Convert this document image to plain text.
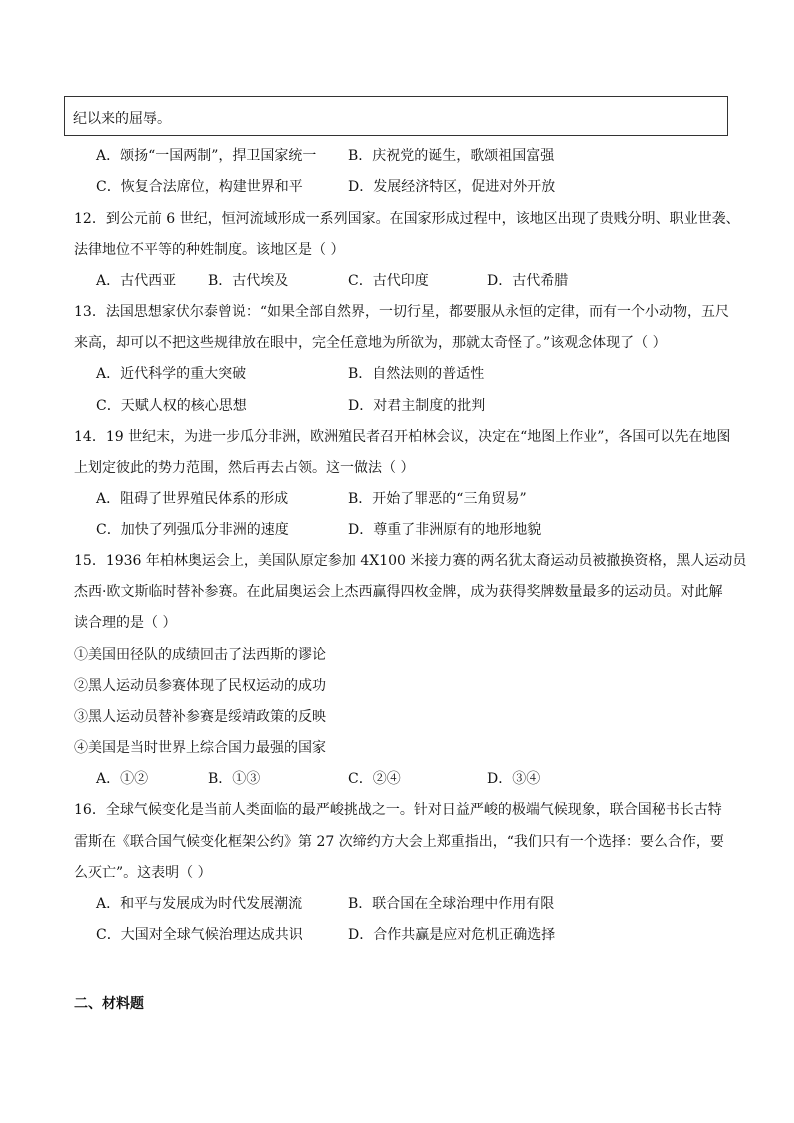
纪以来的屈辱。
A．颂扬“一国两制”，捍卫国家统一 B．庆祝党的诞生，歌颂祖国富强
C．恢复合法席位，构建世界和平	D．发展经济特区，促进对外开放
12．到公元前 6 世纪，恒河流域形成一系列国家。在国家形成过程中，该地区出现了贵贱分明、职业世袭、
法律地位不平等的种姓制度。该地区是（ ）
A．古代西亚 B．古代埃及	C．古代印度	D．古代希腊
13．法国思想家伏尔泰曾说：“如果全部自然界，一切行星，都要服从永恒的定律，而有一个小动物，五尺
来高，却可以不把这些规律放在眼中，完全任意地为所欲为，那就太奇怪了。”该观念体现了（ ）
A．近代科学的重大突破	B．自然法则的普适性
C．天赋人权的核心思想	D．对君主制度的批判
14．19 世纪末，为进一步瓜分非洲，欧洲殖民者召开柏林会议，决定在“地图上作业”，各国可以先在地图
上划定彼此的势力范围，然后再去占领。这一做法（ ）
A．阻碍了世界殖民体系的形成	B．开始了罪恶的“三角贸易”
C．加快了列强瓜分非洲的速度	D．尊重了非洲原有的地形地貌
15．1936 年柏林奥运会上，美国队原定参加 4X100 米接力赛的两名犹太裔运动员被撤换资格，黑人运动员
杰西·欧文斯临时替补参赛。在此届奥运会上杰西赢得四枚金牌，成为获得奖牌数量最多的运动员。对此解
读合理的是（ ）
①美国田径队的成绩回击了法西斯的谬论
②黑人运动员参赛体现了民权运动的成功
③黑人运动员替补参赛是绥靖政策的反映
④美国是当时世界上综合国力最强的国家
A．①②	B．①③	C．②④	D．③④
16．全球气候变化是当前人类面临的最严峻挑战之一。针对日益严峻的极端气候现象，联合国秘书长古特
雷斯在《联合国气候变化框架公约》第 27 次缔约方大会上郑重指出，“我们只有一个选择：要么合作，要
么灭亡”。这表明（ ）
A．和平与发展成为时代发展潮流	B．联合国在全球治理中作用有限
C．大国对全球气候治理达成共识	D．合作共赢是应对危机正确选择
二、材料题
